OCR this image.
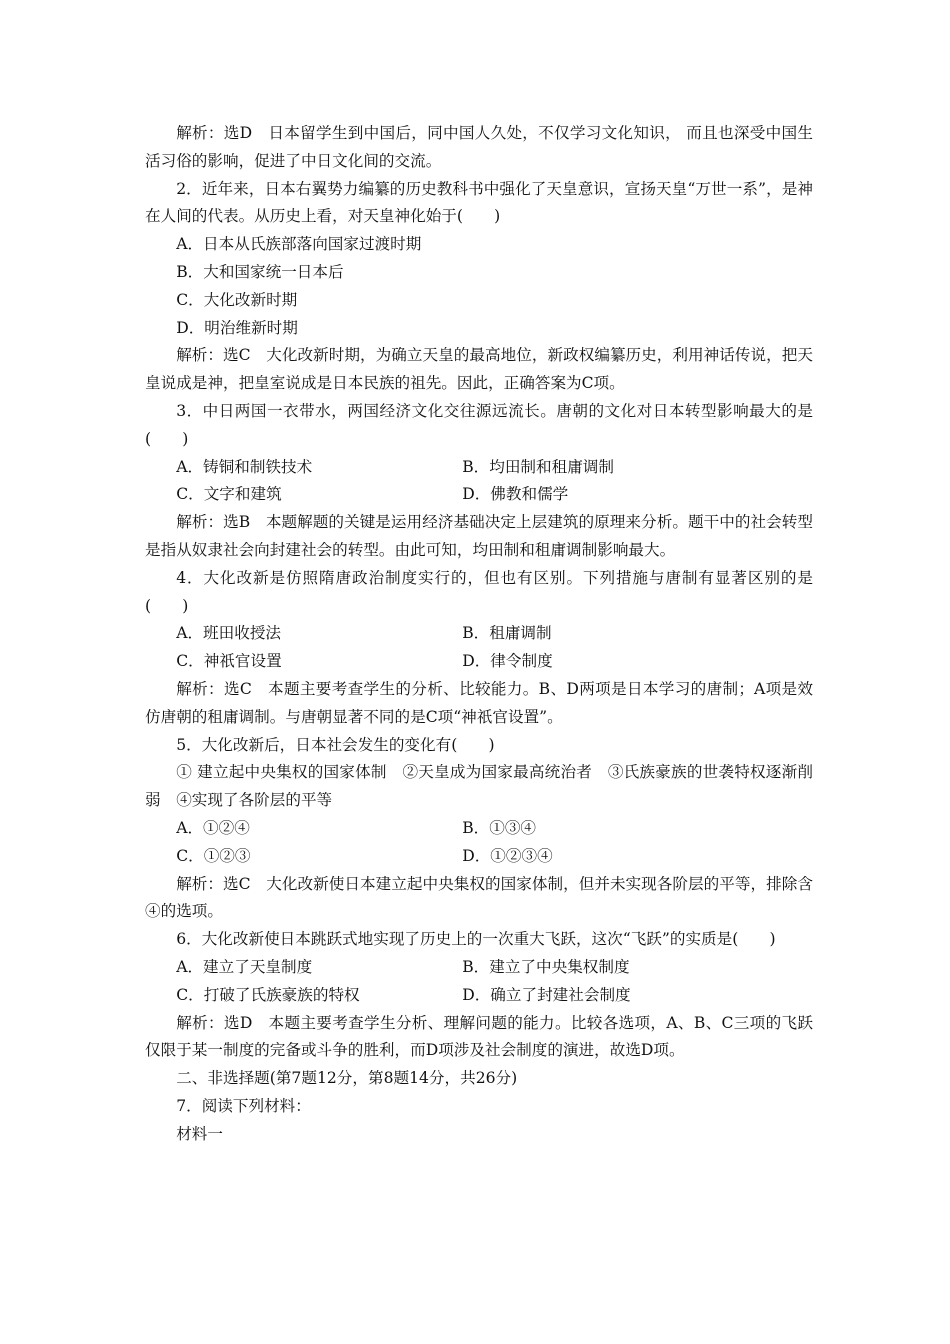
解析：选D　日本留学生到中国后，同中国人久处，不仅学习文化知识， 而且也深受中国生活习俗的影响，促进了中日文化间的交流。

2．近年来，日本右翼势力编纂的历史教科书中强化了天皇意识，宣扬天皇“万世一系”，是神在人间的代表。从历史上看，对天皇神化始于(　　)

A．日本从氏族部落向国家过渡时期

B．大和国家统一日本后

C．大化改新时期

D．明治维新时期

解析：选C　大化改新时期，为确立天皇的最高地位，新政权编纂历史，利用神话传说，把天皇说成是神，把皇室说成是日本民族的祖先。因此，正确答案为C项。

3．中日两国一衣带水，两国经济文化交往源远流长。唐朝的文化对日本转型影响最大的是(　　)

A．铸铜和制铁技术	B．均田制和租庸调制
C．文字和建筑	D．佛教和儒学

解析：选B　本题解题的关键是运用经济基础决定上层建筑的原理来分析。题干中的社会转型是指从奴隶社会向封建社会的转型。由此可知，均田制和租庸调制影响最大。

4．大化改新是仿照隋唐政治制度实行的，但也有区别。下列措施与唐制有显著区别的是(　　)

A．班田收授法	B．租庸调制
C．神祇官设置	D．律令制度

解析：选C　本题主要考查学生的分析、比较能力。B、D两项是日本学习的唐制；A项是效仿唐朝的租庸调制。与唐朝显著不同的是C项“神祇官设置”。

5．大化改新后，日本社会发生的变化有(　　)

① 建立起中央集权的国家体制　②天皇成为国家最高统治者　③氏族豪族的世袭特权逐渐削弱　④实现了各阶层的平等

A．①②④	B．①③④
C．①②③	D．①②③④

解析：选C　大化改新使日本建立起中央集权的国家体制，但并未实现各阶层的平等，排除含④的选项。

6．大化改新使日本跳跃式地实现了历史上的一次重大飞跃，这次“飞跃”的实质是(　　)

A．建立了天皇制度	B．建立了中央集权制度
C．打破了氏族豪族的特权	D．确立了封建社会制度

解析：选D　本题主要考查学生分析、理解问题的能力。比较各选项，A、B、C三项的飞跃仅限于某一制度的完备或斗争的胜利，而D项涉及社会制度的演进，故选D项。

二、非选择题(第7题12分，第8题14分，共26分)

7．阅读下列材料：

材料一
